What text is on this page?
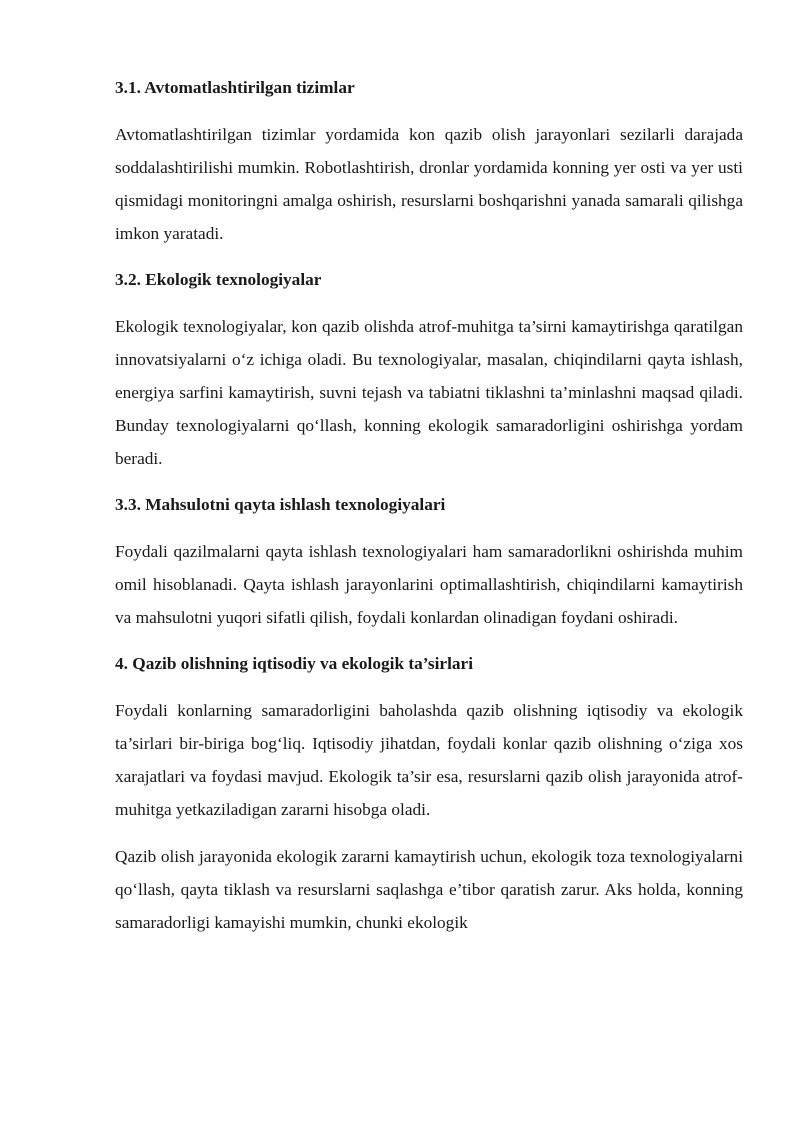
3.1. Avtomatlashtirilgan tizimlar

Avtomatlashtirilgan tizimlar yordamida kon qazib olish jarayonlari sezilarli darajada soddalashtirilishi mumkin. Robotlashtirish, dronlar yordamida konning yer osti va yer usti qismidagi monitoringni amalga oshirish, resurslarni boshqarishni yanada samarali qilishga imkon yaratadi.

3.2. Ekologik texnologiyalar

Ekologik texnologiyalar, kon qazib olishda atrof-muhitga ta’sirni kamaytirishga qaratilgan innovatsiyalarni o‘z ichiga oladi. Bu texnologiyalar, masalan, chiqindilarni qayta ishlash, energiya sarfini kamaytirish, suvni tejash va tabiatni tiklashni ta’minlashni maqsad qiladi. Bunday texnologiyalarni qo‘llash, konning ekologik samaradorligini oshirishga yordam beradi.

3.3. Mahsulotni qayta ishlash texnologiyalari

Foydali qazilmalarni qayta ishlash texnologiyalari ham samaradorlikni oshirishda muhim omil hisoblanadi. Qayta ishlash jarayonlarini optimallashtirish, chiqindilarni kamaytirish va mahsulotni yuqori sifatli qilish, foydali konlardan olinadigan foydani oshiradi.

4. Qazib olishning iqtisodiy va ekologik ta’sirlari

Foydali konlarning samaradorligini baholashda qazib olishning iqtisodiy va ekologik ta’sirlari bir-biriga bog‘liq. Iqtisodiy jihatdan, foydali konlar qazib olishning o‘ziga xos xarajatlari va foydasi mavjud. Ekologik ta’sir esa, resurslarni qazib olish jarayonida atrof-muhitga yetkaziladigan zararni hisobga oladi.

Qazib olish jarayonida ekologik zararni kamaytirish uchun, ekologik toza texnologiyalarni qo‘llash, qayta tiklash va resurslarni saqlashga e’tibor qaratish zarur. Aks holda, konning samaradorligi kamayishi mumkin, chunki ekologik
